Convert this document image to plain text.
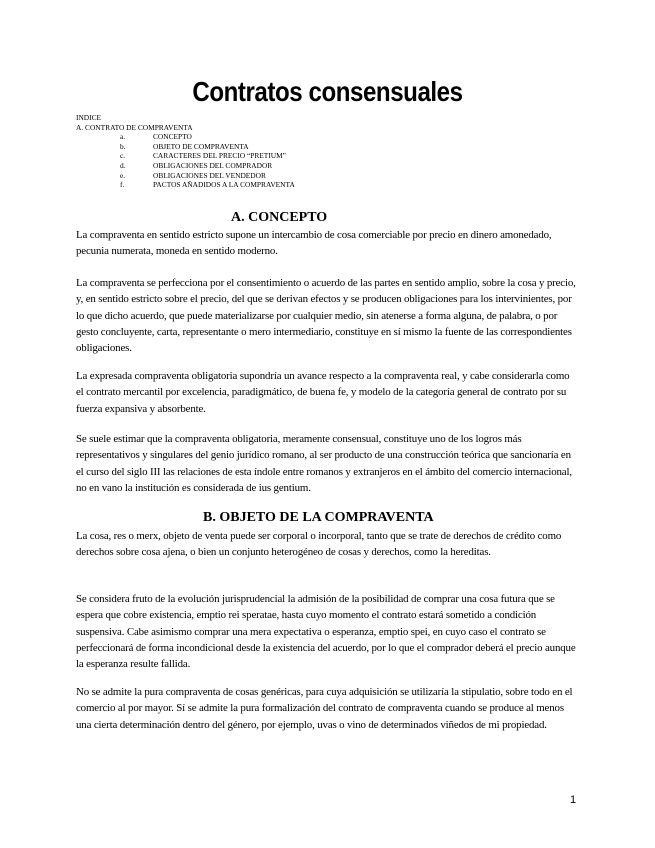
Contratos consensuales
INDICE
A. CONTRATO DE COMPRAVENTA
a.	CONCEPTO
b.	OBJETO DE COMPRAVENTA
c.	CARACTERES DEL PRECIO “PRETIUM”
d.	OBLIGACIONES DEL COMPRADOR
e.	OBLIGACIONES DEL VENDEDOR
f.	PACTOS AÑADIDOS A LA COMPRAVENTA
A. CONCEPTO

La compraventa en sentido estricto supone un intercambio de cosa comerciable por precio en dinero amonedado, pecunia numerata, moneda en sentido moderno.

La compraventa se perfecciona por el consentimiento o acuerdo de las partes en sentido amplio, sobre la cosa y precio, y, en sentido estricto sobre el precio, del que se derivan efectos y se producen obligaciones para los intervinientes, por lo que dicho acuerdo, que puede materializarse por cualquier medio, sin atenerse a forma alguna, de palabra, o por gesto concluyente, carta, representante o mero intermediario, constituye en sí mismo la fuente de las correspondientes obligaciones.

La expresada compraventa obligatoria supondría un avance respecto a la compraventa real, y cabe considerarla como el contrato mercantil por excelencia, paradigmático, de buena fe, y modelo de la categoría general de contrato por su fuerza expansiva y absorbente.

Se suele estimar que la compraventa obligatoria, meramente consensual, constituye uno de los logros más representativos y singulares del genio jurídico romano, al ser producto de una construcción teórica que sancionaría en el curso del siglo III las relaciones de esta índole entre romanos y extranjeros en el ámbito del comercio internacional, no en vano la institución es considerada de ius gentium.

B. OBJETO DE LA COMPRAVENTA

La cosa, res o merx, objeto de venta puede ser corporal o incorporal, tanto que se trate de derechos de crédito como derechos sobre cosa ajena, o bien un conjunto heterogéneo de cosas y derechos, como la hereditas.

Se considera fruto de la evolución jurisprudencial la admisión de la posibilidad de comprar una cosa futura que se espera que cobre existencia, emptio rei speratae, hasta cuyo momento el contrato estará sometido a condición suspensiva. Cabe asimismo comprar una mera expectativa o esperanza, emptio spei, en cuyo caso el contrato se perfeccionará de forma incondicional desde la existencia del acuerdo, por lo que el comprador deberá el precio aunque la esperanza resulte fallida.

No se admite la pura compraventa de cosas genéricas, para cuya adquisición se utilizaría la stipulatio, sobre todo en el comercio al por mayor. Sí se admite la pura formalización del contrato de compraventa cuando se produce al menos una cierta determinación dentro del género, por ejemplo, uvas o vino de determinados viñedos de mi propiedad.

1
